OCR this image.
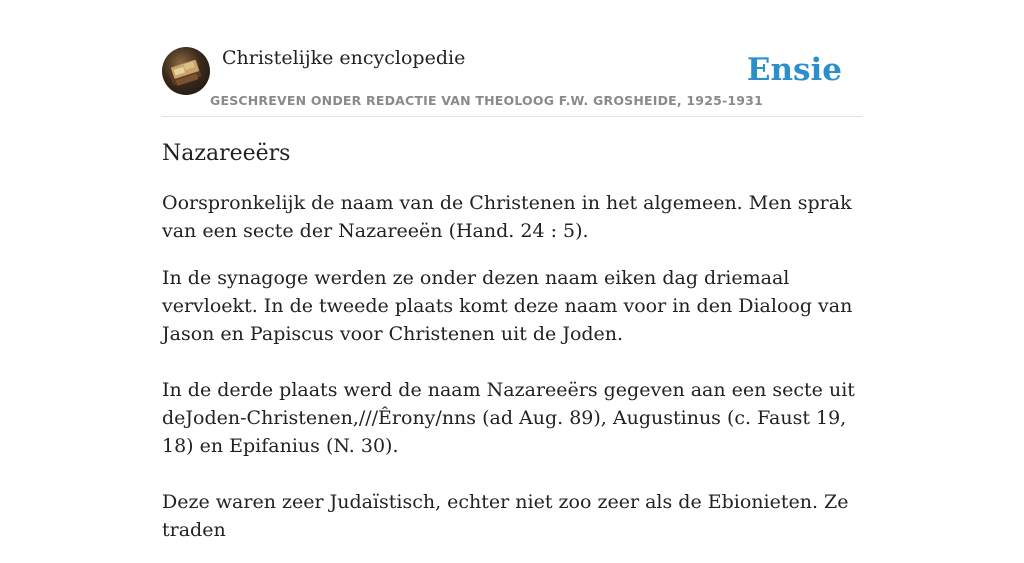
Christelijke encyclopedie
GESCHREVEN ONDER REDACTIE VAN THEOLOOG F.W. GROSHEIDE, 1925-1931
Ensie
Nazareeërs

Oorspronkelijk de naam van de Christenen in het algemeen. Men sprak van een secte der Nazareeën (Hand. 24 : 5).

In de synagoge werden ze onder dezen naam eiken dag driemaal vervloekt. In de tweede plaats komt deze naam voor in den Dialoog van Jason en Papiscus voor Christenen uit de Joden.

In de derde plaats werd de naam Nazareeërs gegeven aan een secte uit deJoden-Christenen,///Êrony/nns (ad Aug. 89), Augustinus (c. Faust 19, 18) en Epifanius (N. 30).

Deze waren zeer Judaïstisch, echter niet zoo zeer als de Ebionieten. Ze traden
